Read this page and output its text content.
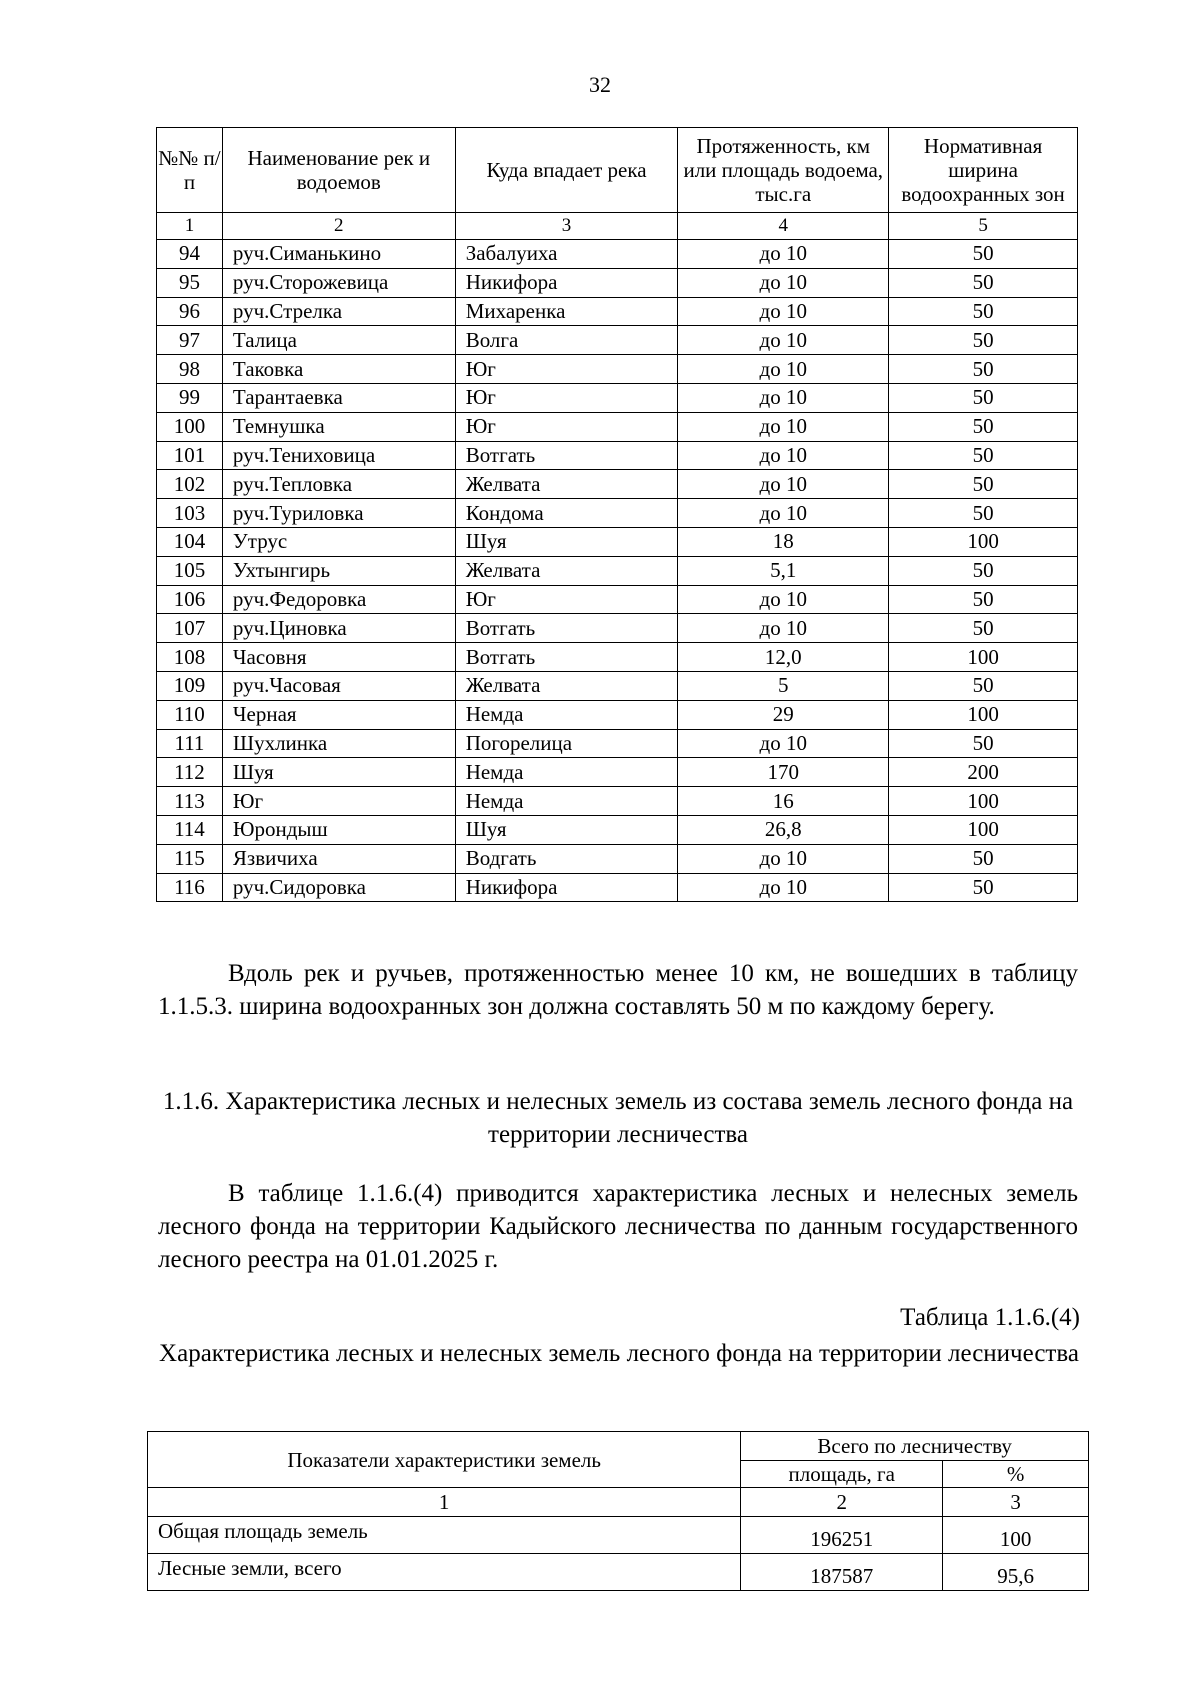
32
№№ п/п	Наименование рек и водоемов	Куда впадает река	Протяженность, км или площадь водоема, тыс.га	Нормативная ширина водоохранных зон
1	2	3	4	5
94	руч.Симанькино	Забалуиха	до 10	50
95	руч.Сторожевица	Никифора	до 10	50
96	руч.Стрелка	Михаренка	до 10	50
97	Талица	Волга	до 10	50
98	Таковка	Юг	до 10	50
99	Тарантаевка	Юг	до 10	50
100	Темнушка	Юг	до 10	50
101	руч.Тениховица	Вотгать	до 10	50
102	руч.Тепловка	Желвата	до 10	50
103	руч.Туриловка	Кондома	до 10	50
104	Утрус	Шуя	18	100
105	Ухтынгирь	Желвата	5,1	50
106	руч.Федоровка	Юг	до 10	50
107	руч.Циновка	Вотгать	до 10	50
108	Часовня	Вотгать	12,0	100
109	руч.Часовая	Желвата	5	50
110	Черная	Немда	29	100
111	Шухлинка	Погорелица	до 10	50
112	Шуя	Немда	170	200
113	Юг	Немда	16	100
114	Юрондыш	Шуя	26,8	100
115	Язвичиха	Водгать	до 10	50
116	руч.Сидоровка	Никифора	до 10	50
Вдоль рек и ручьев, протяженностью менее 10 км, не вошедших в таблицу 1.1.5.3. ширина водоохранных зон должна составлять 50 м по каждому берегу.
1.1.6. Характеристика лесных и нелесных земель из состава земель лесного фонда на территории лесничества
В таблице 1.1.6.(4) приводится характеристика лесных и нелесных земель лесного фонда на территории Кадыйского лесничества по данным государственного лесного реестра на 01.01.2025 г.
Таблица 1.1.6.(4)
Характеристика лесных и нелесных земель лесного фонда на территории лесничества
Показатели характеристики земель	Всего по лесничеству	
	площадь, га	%
1	2	3
Общая площадь земель	196251	100
Лесные земли, всего	187587	95,6
